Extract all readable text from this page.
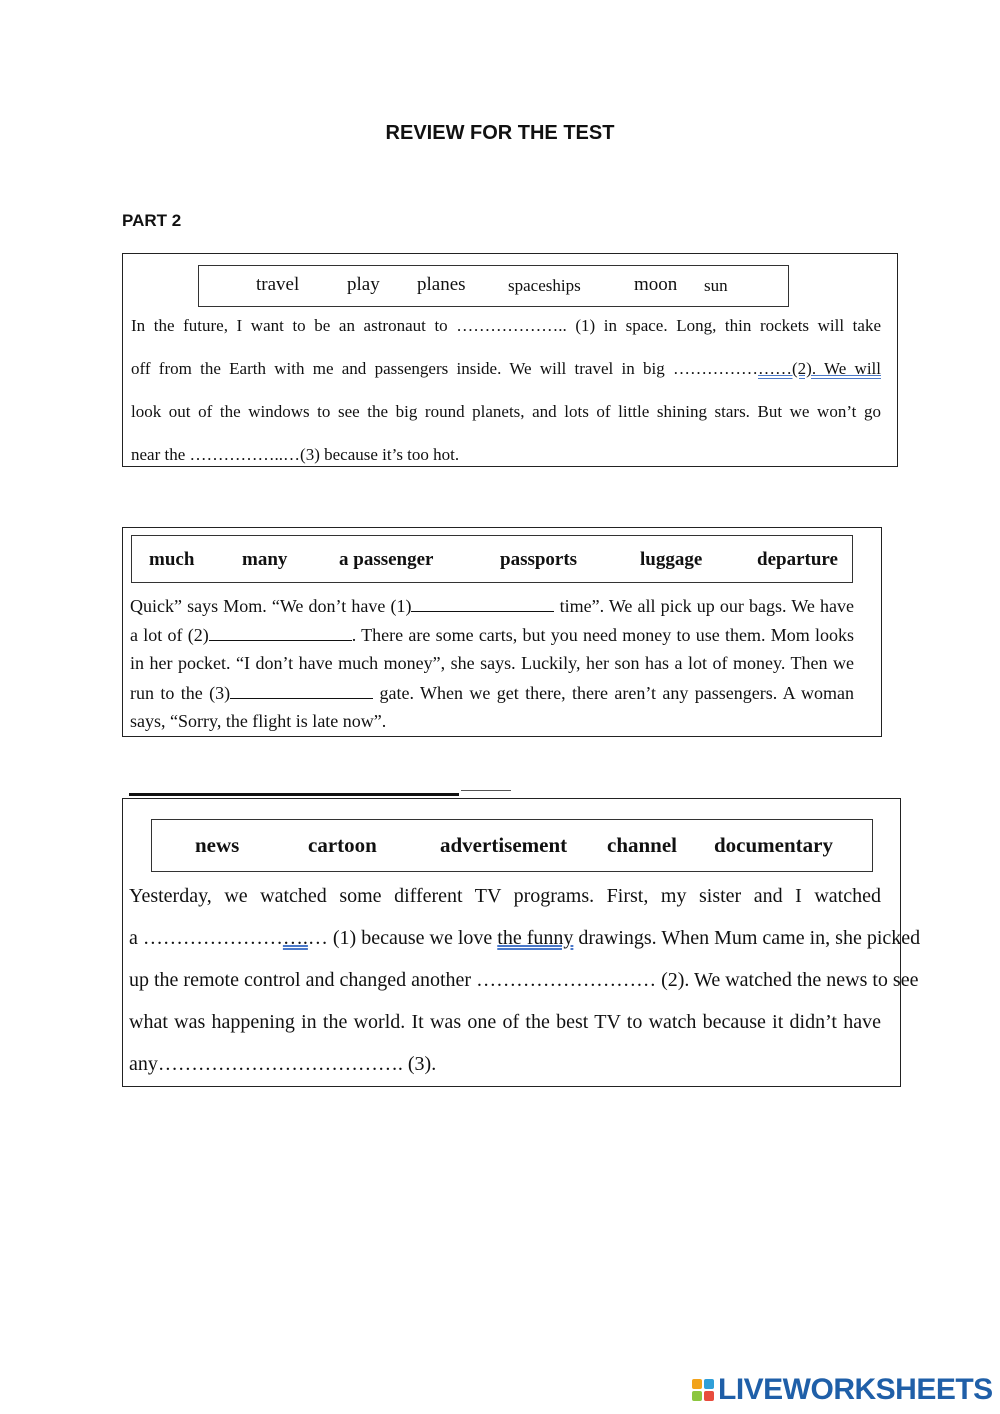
REVIEW FOR THE TEST
PART 2
travel	play planes spaceships	moon sun
In the future, I want to be an astronaut to ……………….. (1) in space. Long, thin rockets will take
off from the Earth with me and passengers inside. We will travel in big …………………(2). We will
look out of the windows to see the big round planets, and lots of little shining stars. But we won’t go
near the ……………..…(3) because it’s too hot.
much	many	a passenger	passports	luggage	departure
Quick” says Mom. “We don’t have (1)	time”. We all pick up our bags. We have
a lot of (2)	. There are some carts, but you need money to use them. Mom looks
in her pocket. “I don’t have much money”, she says. Luckily, her son has a lot of money. Then we
run to the (3)	gate. When we get there, there aren’t any passengers. A woman
says, “Sorry, the flight is late now”.
news	cartoon	advertisement channel documentary
Yesterday, we watched some different TV programs. First, my sister and I watched
a …………………….… (1) because we love the funny drawings. When Mum came in, she picked
up the remote control and changed another ……………………… (2). We watched the news to see
what was happening in the world. It was one of the best TV to watch because it didn’t have
any………………………………. (3).
LIVEWORKSHEETS
